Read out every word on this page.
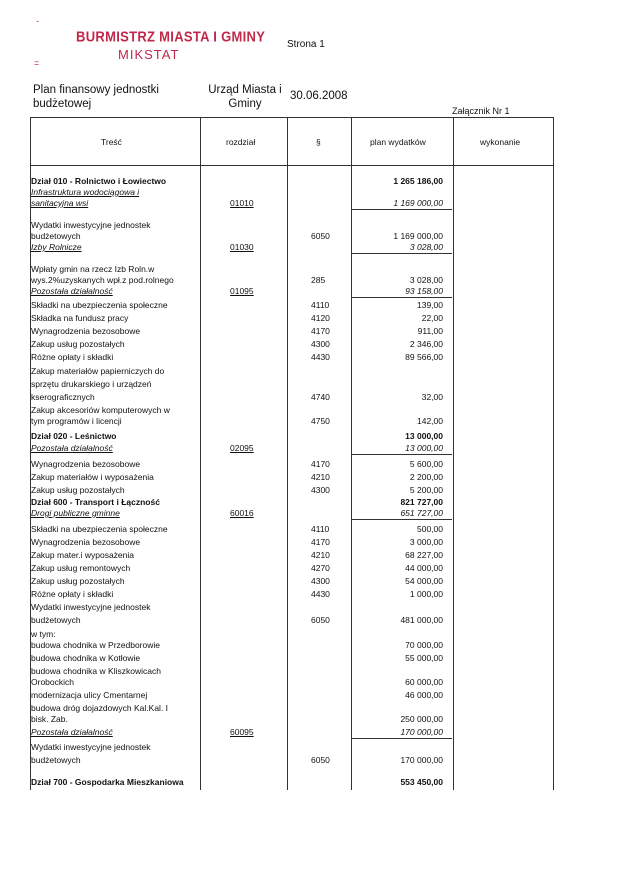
-
=
BURMISTRZ MIASTA I GMINY
MIKSTAT
Strona 1
Plan finansowy jednostki budżetowej
Urząd Miasta i Gminy
30.06.2008
Załącznik Nr 1
Treść	rozdział	§	plan wydatków	wykonanie
Dział 010 - Rolnictwo i Łowiectwo	1 265 186,00
Infrastruktura wodociągowa i
sanitacyjna wsi	01010	1 169 000,00
Wydatki inwestycyjne jednostek
budżetowych	6050	1 169 000,00
Izby Rolnicze	01030	3 028,00
Wpłaty gmin na rzecz Izb Roln.w
wys.2%uzyskanych wpł.z pod.rolnego	285	3 028,00
Pozostała działalność	01095	93 158,00
Składki na ubezpieczenia społeczne	4110	139,00
Składka na fundusz pracy	4120	22,00
Wynagrodzenia bezosobowe	4170	911,00
Zakup usług pozostałych	4300	2 346,00
Różne opłaty i składki	4430	89 566,00
Zakup materiałów papierniczych do
sprzętu drukarskiego i urządzeń
kserograficznych	4740	32,00
Zakup akcesoriów komputerowych w
tym programów i licencji	4750	142,00
Dział 020 - Leśnictwo	13 000,00
Pozostała działalność	02095	13 000,00
Wynagrodzenia bezosobowe	4170	5 600,00
Zakup materiałów i wyposażenia	4210	2 200,00
Zakup usług pozostałych	4300	5 200,00
Dział 600 - Transport i Łączność	821 727,00
Drogi publiczne gminne	60016	651 727,00
Składki na ubezpieczenia społeczne	4110	500,00
Wynagrodzenia bezosobowe	4170	3 000,00
Zakup mater.i wyposażenia	4210	68 227,00
Zakup usług remontowych	4270	44 000,00
Zakup usług pozostałych	4300	54 000,00
Różne opłaty i składki	4430	1 000,00
Wydatki inwestycyjne jednostek
budżetowych	6050	481 000,00
w tym:
budowa chodnika w Przedborowie	70 000,00
budowa chodnika w Kotłowie	55 000,00
budowa chodnika w Kliszkowicach
Orobockich	60 000,00
modernizacja ulicy Cmentarnej	46 000,00
budowa dróg dojazdowych Kal.Kal. I
bisk. Zab.	250 000,00
Pozostała działalność	60095	170 000,00
Wydatki inwestycyjne jednostek
budżetowych	6050	170 000,00
Dział 700 - Gospodarka Mieszkaniowa	553 450,00
